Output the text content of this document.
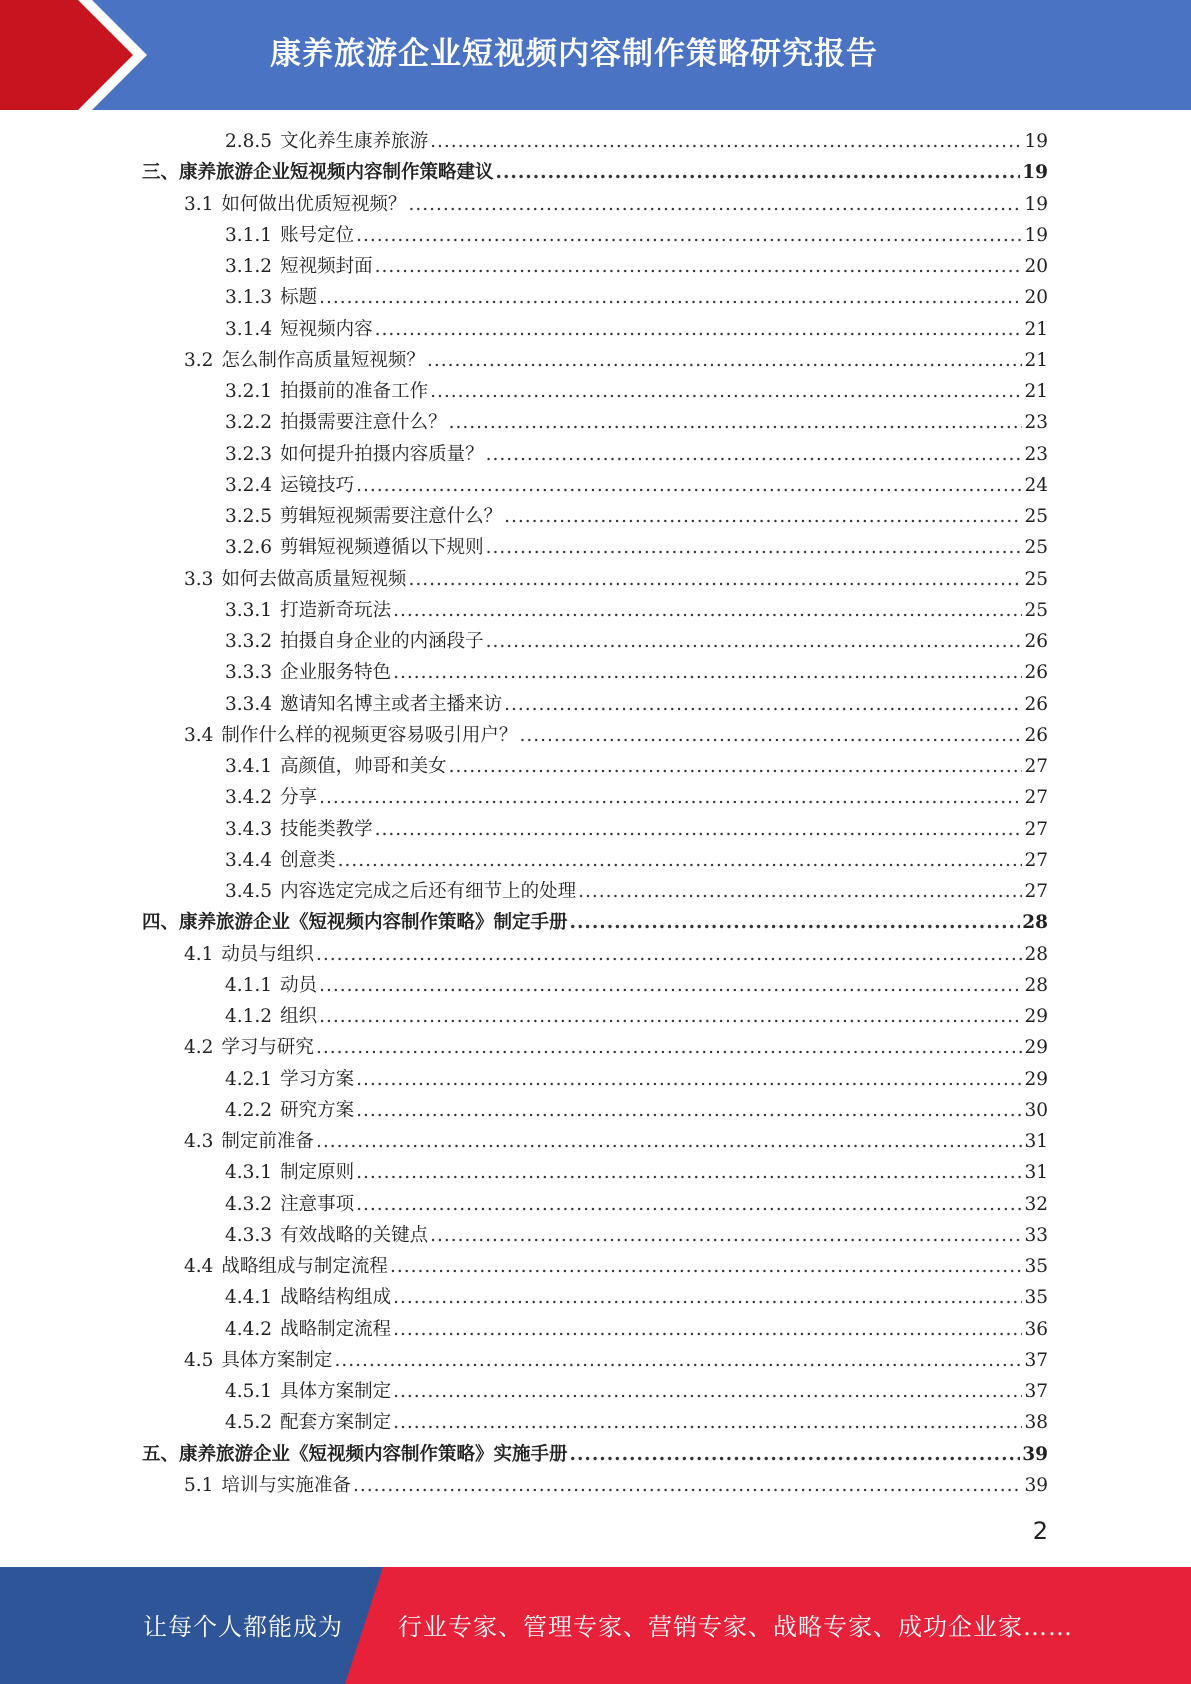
康养旅游企业短视频内容制作策略研究报告
2.8.5 文化养生康养旅游 .....	19
三、康养旅游企业短视频内容制作策略建议 .....	19
3.1 如何做出优质短视频？ .....	19
3.1.1 账号定位 .....	19
3.1.2 短视频封面 .....	20
3.1.3 标题 .....	20
3.1.4 短视频内容 .....	21
3.2 怎么制作高质量短视频？ .....	21
3.2.1 拍摄前的准备工作 .....	21
3.2.2 拍摄需要注意什么？ .....	23
3.2.3 如何提升拍摄内容质量？ .....	23
3.2.4 运镜技巧 .....	24
3.2.5 剪辑短视频需要注意什么？ .....	25
3.2.6 剪辑短视频遵循以下规则 .....	25
3.3 如何去做高质量短视频 .....	25
3.3.1 打造新奇玩法 .....	25
3.3.2 拍摄自身企业的内涵段子 .....	26
3.3.3 企业服务特色 .....	26
3.3.4 邀请知名博主或者主播来访 .....	26
3.4 制作什么样的视频更容易吸引用户？ .....	26
3.4.1 高颜值，帅哥和美女 .....	27
3.4.2 分享 .....	27
3.4.3 技能类教学 .....	27
3.4.4 创意类 .....	27
3.4.5 内容选定完成之后还有细节上的处理 .....	27
四、康养旅游企业《短视频内容制作策略》制定手册 .....	28
4.1 动员与组织 .....	28
4.1.1 动员 .....	28
4.1.2 组织 .....	29
4.2 学习与研究 .....	29
4.2.1 学习方案 .....	29
4.2.2 研究方案 .....	30
4.3 制定前准备 .....	31
4.3.1 制定原则 .....	31
4.3.2 注意事项 .....	32
4.3.3 有效战略的关键点 .....	33
4.4 战略组成与制定流程 .....	35
4.4.1 战略结构组成 .....	35
4.4.2 战略制定流程 .....	36
4.5 具体方案制定 .....	37
4.5.1 具体方案制定 .....	37
4.5.2 配套方案制定 .....	38
五、康养旅游企业《短视频内容制作策略》实施手册 .....	39
5.1 培训与实施准备 .....	39
2
让每个人都能成为 行业专家、管理专家、营销专家、战略专家、成功企业家……
